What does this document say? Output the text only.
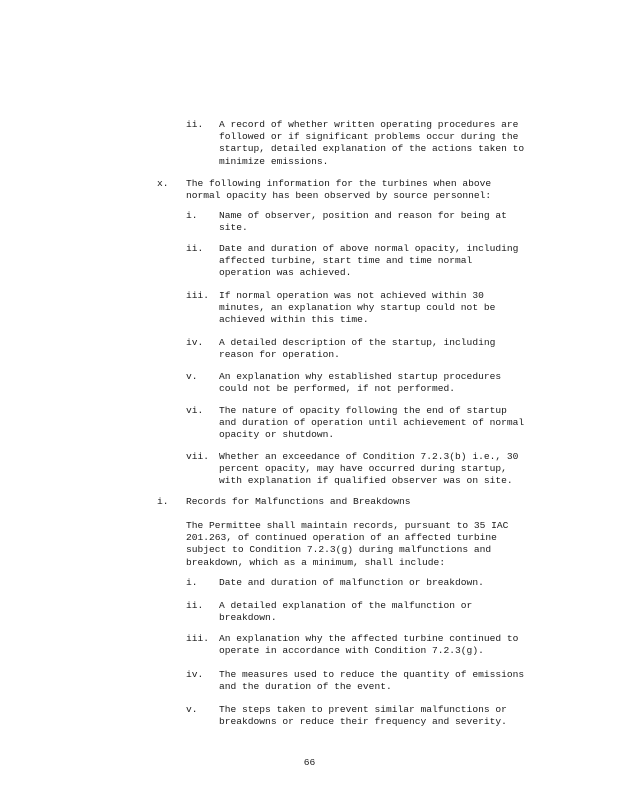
ii. A record of whether written operating procedures are
followed or if significant problems occur during the
startup, detailed explanation of the actions taken to
minimize emissions.
x. The following information for the turbines when above
normal opacity has been observed by source personnel:
i. Name of observer, position and reason for being at
site.
ii. Date and duration of above normal opacity, including
affected turbine, start time and time normal
operation was achieved.
iii. If normal operation was not achieved within 30
minutes, an explanation why startup could not be
achieved within this time.
iv. A detailed description of the startup, including
reason for operation.
v. An explanation why established startup procedures
could not be performed, if not performed.
vi. The nature of opacity following the end of startup
and duration of operation until achievement of normal
opacity or shutdown.
vii. Whether an exceedance of Condition 7.2.3(b) i.e., 30
percent opacity, may have occurred during startup,
with explanation if qualified observer was on site.
i. Records for Malfunctions and Breakdowns
The Permittee shall maintain records, pursuant to 35 IAC
201.263, of continued operation of an affected turbine
subject to Condition 7.2.3(g) during malfunctions and
breakdown, which as a minimum, shall include:
i. Date and duration of malfunction or breakdown.
ii. A detailed explanation of the malfunction or
breakdown.
iii. An explanation why the affected turbine continued to
operate in accordance with Condition 7.2.3(g).
iv. The measures used to reduce the quantity of emissions
and the duration of the event.
v. The steps taken to prevent similar malfunctions or
breakdowns or reduce their frequency and severity.
66
